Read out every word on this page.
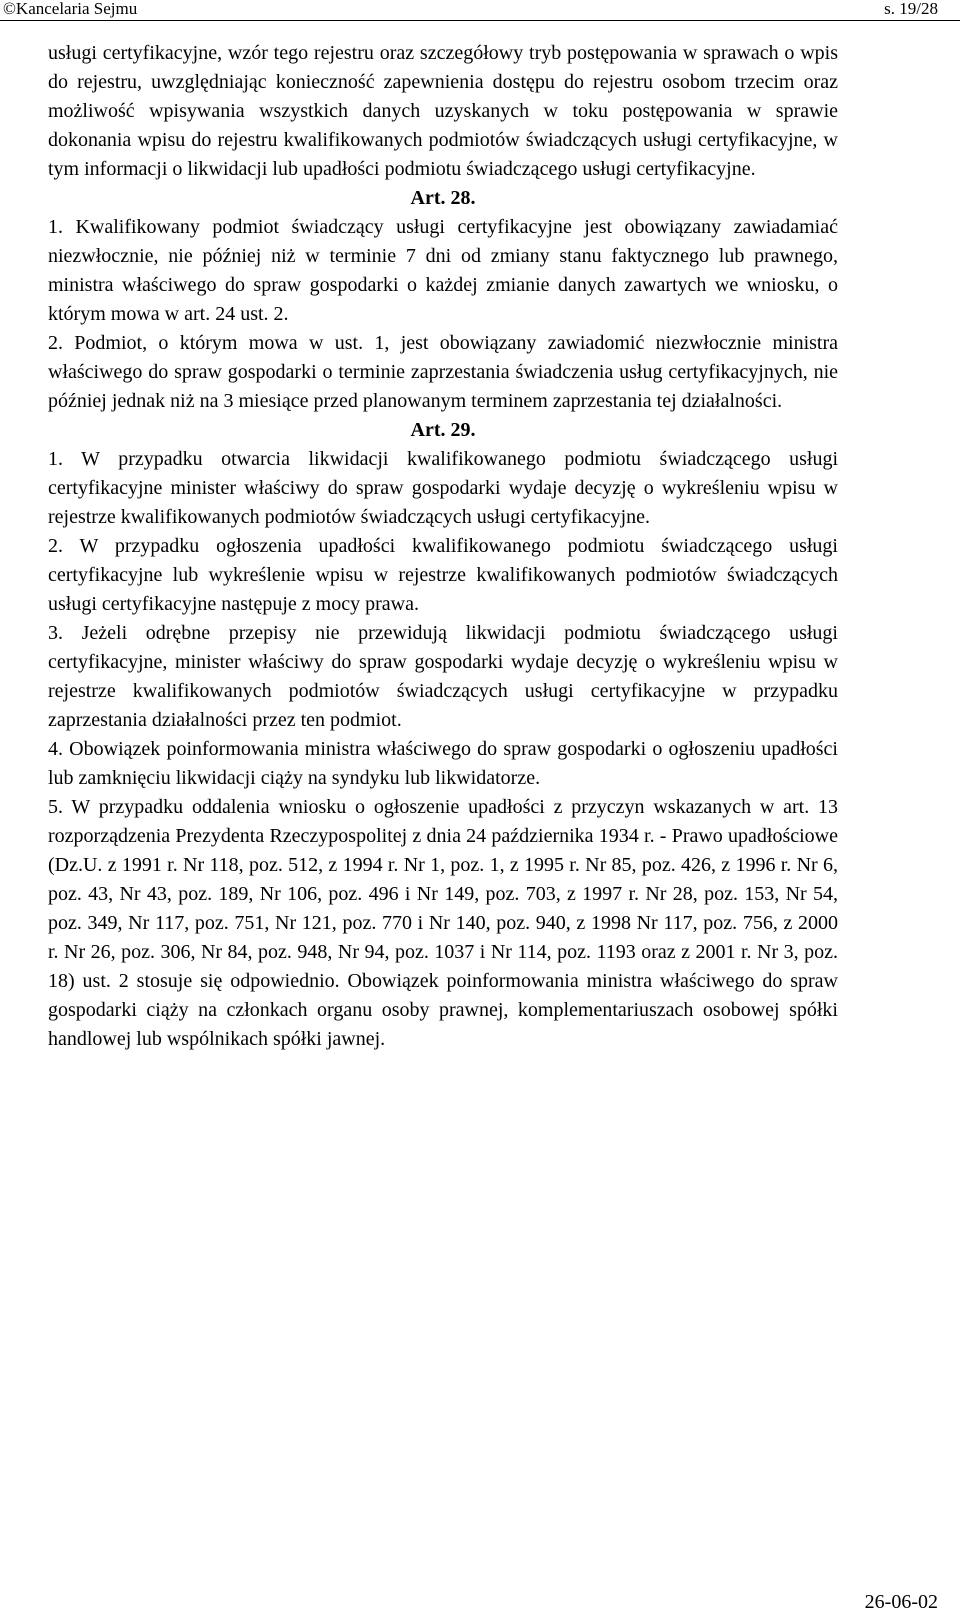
©Kancelaria Sejmu	s. 19/28

usługi certyfikacyjne, wzór tego rejestru oraz szczegółowy tryb postępowania w sprawach o wpis do rejestru, uwzględniając konieczność zapewnienia dostępu do rejestru osobom trzecim oraz możliwość wpisywania wszystkich danych uzyskanych w toku postępowania w sprawie dokonania wpisu do rejestru kwalifikowanych podmiotów świadczących usługi certyfikacyjne, w tym informacji o likwidacji lub upadłości podmiotu świadczącego usługi certyfikacyjne.

Art. 28.

1. Kwalifikowany podmiot świadczący usługi certyfikacyjne jest obowiązany zawiadamiać niezwłocznie, nie później niż w terminie 7 dni od zmiany stanu faktycznego lub prawnego, ministra właściwego do spraw gospodarki o każdej zmianie danych zawartych we wniosku, o którym mowa w art. 24 ust. 2.

2. Podmiot, o którym mowa w ust. 1, jest obowiązany zawiadomić niezwłocznie ministra właściwego do spraw gospodarki o terminie zaprzestania świadczenia usług certyfikacyjnych, nie później jednak niż na 3 miesiące przed planowanym terminem zaprzestania tej działalności.

Art. 29.

1. W przypadku otwarcia likwidacji kwalifikowanego podmiotu świadczącego usługi certyfikacyjne minister właściwy do spraw gospodarki wydaje decyzję o wykreśleniu wpisu w rejestrze kwalifikowanych podmiotów świadczących usługi certyfikacyjne.

2. W przypadku ogłoszenia upadłości kwalifikowanego podmiotu świadczącego usługi certyfikacyjne lub wykreślenie wpisu w rejestrze kwalifikowanych podmiotów świadczących usługi certyfikacyjne następuje z mocy prawa.

3. Jeżeli odrębne przepisy nie przewidują likwidacji podmiotu świadczącego usługi certyfikacyjne, minister właściwy do spraw gospodarki wydaje decyzję o wykreśleniu wpisu w rejestrze kwalifikowanych podmiotów świadczących usługi certyfikacyjne w przypadku zaprzestania działalności przez ten podmiot.

4. Obowiązek poinformowania ministra właściwego do spraw gospodarki o ogłoszeniu upadłości lub zamknięciu likwidacji ciąży na syndyku lub likwidatorze.

5. W przypadku oddalenia wniosku o ogłoszenie upadłości z przyczyn wskazanych w art. 13 rozporządzenia Prezydenta Rzeczypospolitej z dnia 24 października 1934 r. - Prawo upadłościowe (Dz.U. z 1991 r. Nr 118, poz. 512, z 1994 r. Nr 1, poz. 1, z 1995 r. Nr 85, poz. 426, z 1996 r. Nr 6, poz. 43, Nr 43, poz. 189, Nr 106, poz. 496 i Nr 149, poz. 703, z 1997 r. Nr 28, poz. 153, Nr 54, poz. 349, Nr 117, poz. 751, Nr 121, poz. 770 i Nr 140, poz. 940, z 1998 Nr 117, poz. 756, z 2000 r. Nr 26, poz. 306, Nr 84, poz. 948, Nr 94, poz. 1037 i Nr 114, poz. 1193 oraz z 2001 r. Nr 3, poz. 18) ust. 2 stosuje się odpowiednio. Obowiązek poinformowania ministra właściwego do spraw gospodarki ciąży na członkach organu osoby prawnej, komplementariuszach osobowej spółki handlowej lub wspólnikach spółki jawnej.

26-06-02
